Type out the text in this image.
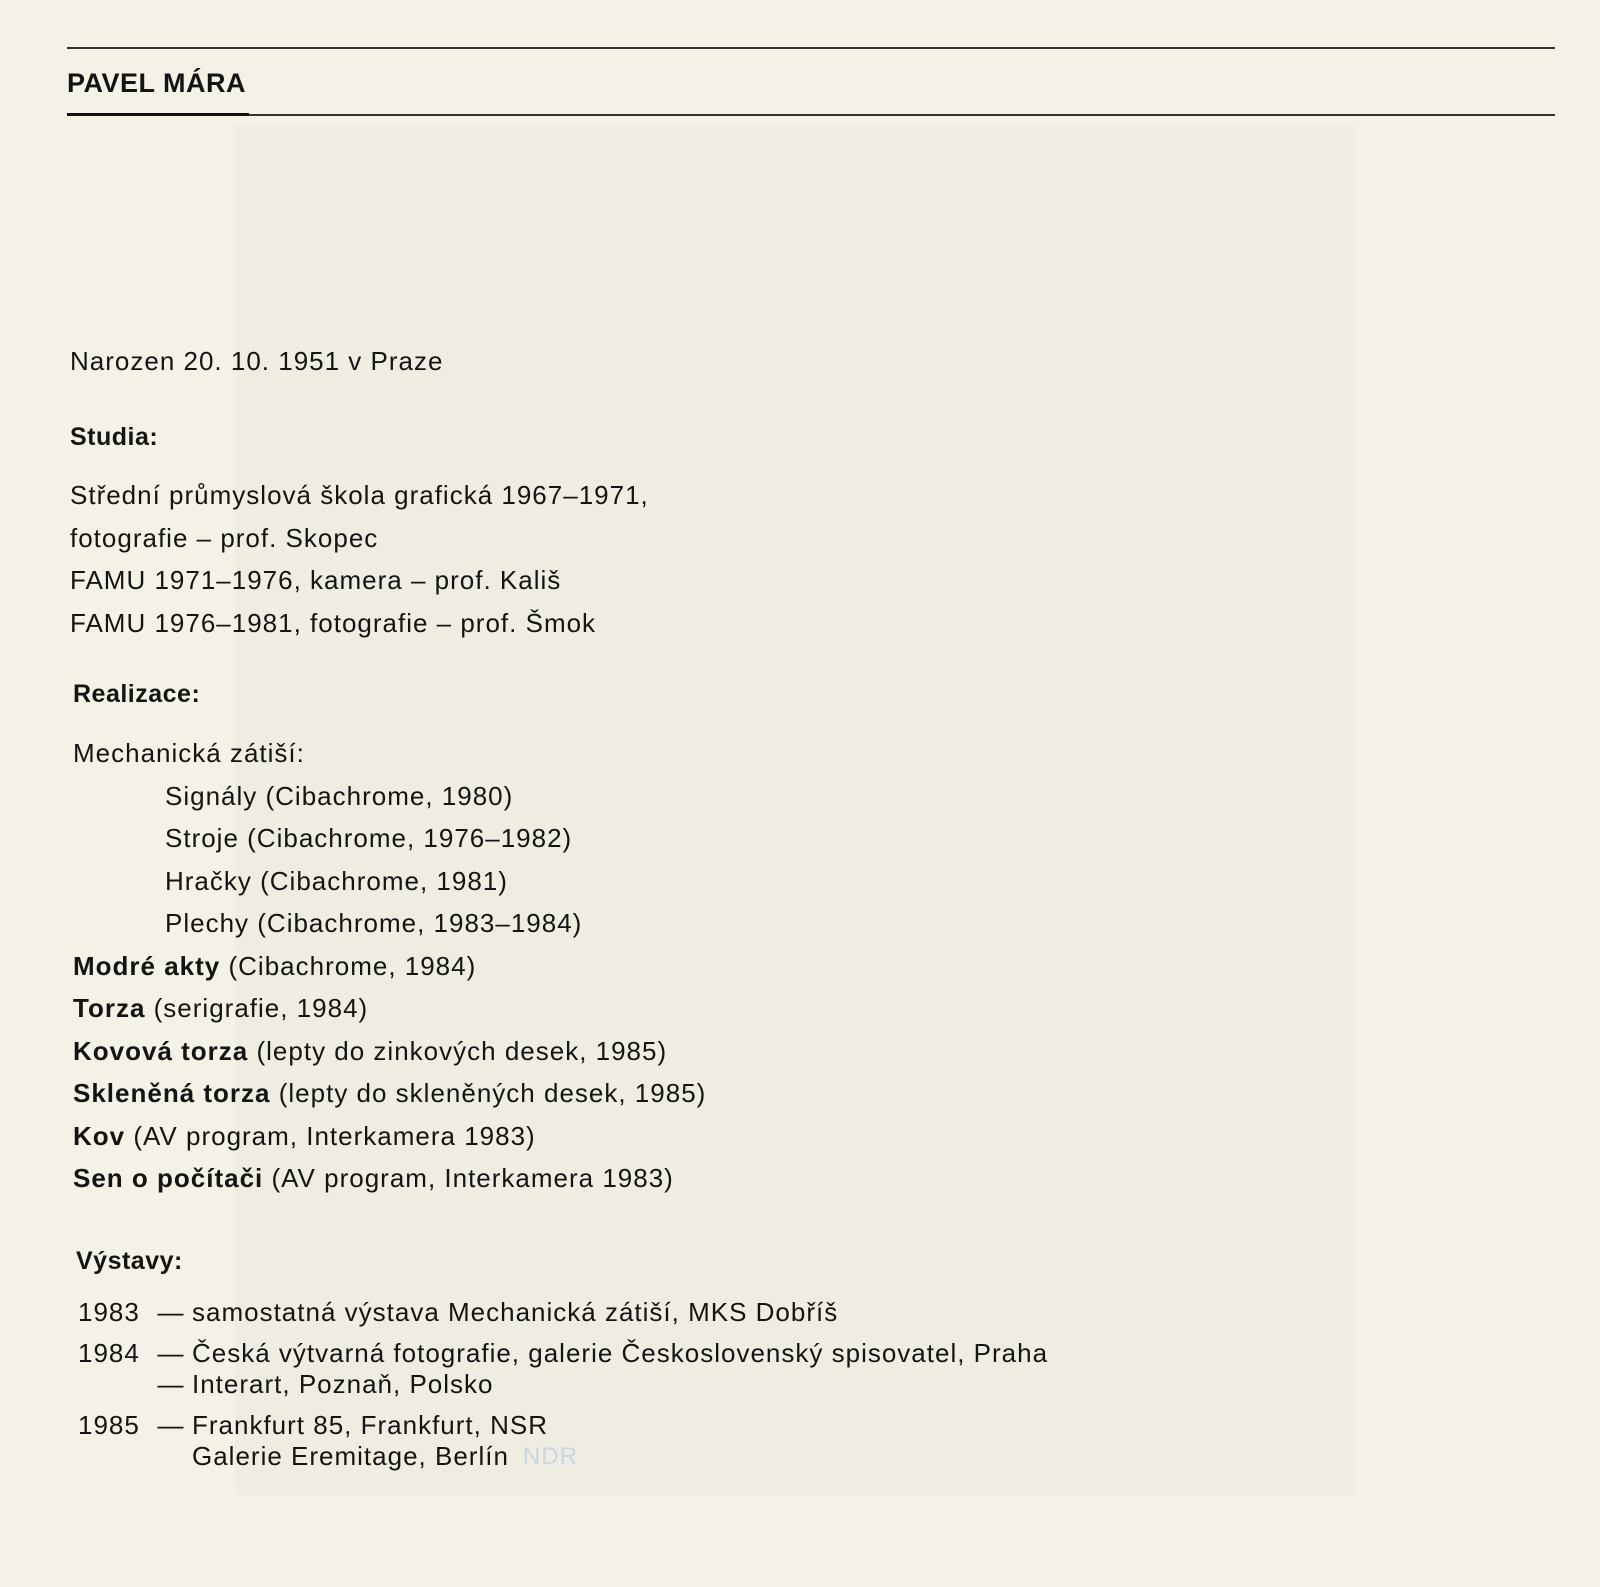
PAVEL MÁRA
Narozen 20. 10. 1951 v Praze
Studia:
Střední průmyslová škola grafická 1967–1971,
fotografie – prof. Skopec
FAMU 1971–1976, kamera – prof. Kališ
FAMU 1976–1981, fotografie – prof. Šmok
Realizace:
Mechanická zátiší:
Signály (Cibachrome, 1980)
Stroje (Cibachrome, 1976–1982)
Hračky (Cibachrome, 1981)
Plechy (Cibachrome, 1983–1984)
Modré akty (Cibachrome, 1984)
Torza (serigrafie, 1984)
Kovová torza (lepty do zinkových desek, 1985)
Skleněná torza (lepty do skleněných desek, 1985)
Kov (AV program, Interkamera 1983)
Sen o počítači (AV program, Interkamera 1983)
Výstavy:
1983 — samostatná výstava Mechanická zátiší, MKS Dobříš
1984 — Česká výtvarná fotografie, galerie Československý spisovatel, Praha
— Interart, Poznaň, Polsko
1985 — Frankfurt 85, Frankfurt, NSR
Galerie Eremitage, Berlín NDR
